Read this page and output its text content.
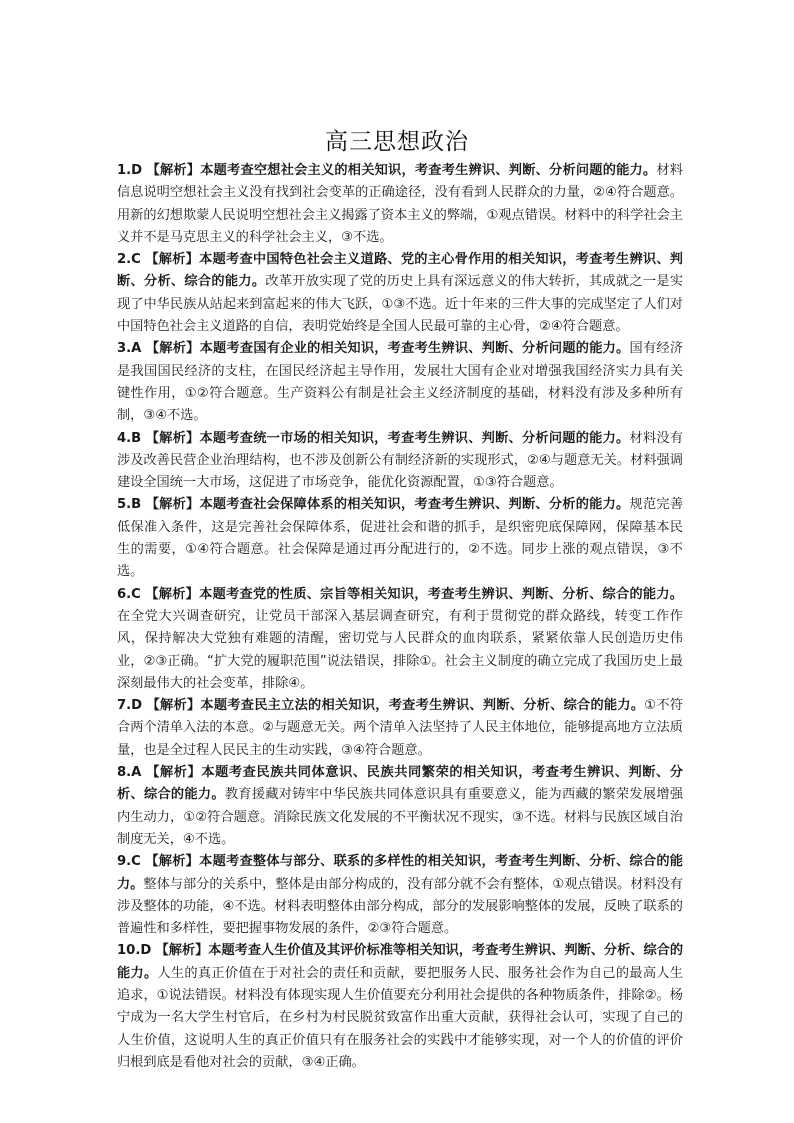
高三思想政治
1.D 【解析】本题考查空想社会主义的相关知识，考查考生辨识、判断、分析问题的能力。材料信息说明空想社会主义没有找到社会变革的正确途径，没有看到人民群众的力量，②④符合题意。用新的幻想欺蒙人民说明空想社会主义揭露了资本主义的弊端，①观点错误。材料中的科学社会主义并不是马克思主义的科学社会主义，③不选。
2.C 【解析】本题考查中国特色社会主义道路、党的主心骨作用的相关知识，考查考生辨识、判断、分析、综合的能力。改革开放实现了党的历史上具有深远意义的伟大转折，其成就之一是实现了中华民族从站起来到富起来的伟大飞跃，①③不选。近十年来的三件大事的完成坚定了人们对中国特色社会主义道路的自信，表明党始终是全国人民最可靠的主心骨，②④符合题意。
3.A 【解析】本题考查国有企业的相关知识，考查考生辨识、判断、分析问题的能力。国有经济是我国国民经济的支柱，在国民经济起主导作用，发展壮大国有企业对增强我国经济实力具有关键性作用，①②符合题意。生产资料公有制是社会主义经济制度的基础，材料没有涉及多种所有制，③④不选。
4.B 【解析】本题考查统一市场的相关知识，考查考生辨识、判断、分析问题的能力。材料没有涉及改善民营企业治理结构，也不涉及创新公有制经济新的实现形式，②④与题意无关。材料强调建设全国统一大市场，这促进了市场竞争，能优化资源配置，①③符合题意。
5.B 【解析】本题考查社会保障体系的相关知识，考查考生辨识、判断、分析的能力。规范完善低保准入条件，这是完善社会保障体系，促进社会和谐的抓手，是织密兜底保障网，保障基本民生的需要，①④符合题意。社会保障是通过再分配进行的，②不选。同步上涨的观点错误，③不选。
6.C 【解析】本题考查党的性质、宗旨等相关知识，考查考生辨识、判断、分析、综合的能力。在全党大兴调查研究，让党员干部深入基层调查研究，有利于贯彻党的群众路线，转变工作作风，保持解决大党独有难题的清醒，密切党与人民群众的血肉联系，紧紧依靠人民创造历史伟业，②③正确。“扩大党的履职范围”说法错误，排除①。社会主义制度的确立完成了我国历史上最深刻最伟大的社会变革，排除④。
7.D 【解析】本题考查民主立法的相关知识，考查考生辨识、判断、分析、综合的能力。①不符合两个清单入法的本意。②与题意无关。两个清单入法坚持了人民主体地位，能够提高地方立法质量，也是全过程人民民主的生动实践，③④符合题意。
8.A 【解析】本题考查民族共同体意识、民族共同繁荣的相关知识，考查考生辨识、判断、分析、综合的能力。教育援藏对铸牢中华民族共同体意识具有重要意义，能为西藏的繁荣发展增强内生动力，①②符合题意。消除民族文化发展的不平衡状况不现实，③不选。材料与民族区域自治制度无关，④不选。
9.C 【解析】本题考查整体与部分、联系的多样性的相关知识，考查考生判断、分析、综合的能力。整体与部分的关系中，整体是由部分构成的，没有部分就不会有整体，①观点错误。材料没有涉及整体的功能，④不选。材料表明整体由部分构成，部分的发展影响整体的发展，反映了联系的普遍性和多样性，要把握事物发展的条件，②③符合题意。
10.D 【解析】本题考查人生价值及其评价标准等相关知识，考查考生辨识、判断、分析、综合的能力。人生的真正价值在于对社会的责任和贡献，要把服务人民、服务社会作为自己的最高人生追求，①说法错误。材料没有体现实现人生价值要充分利用社会提供的各种物质条件，排除②。杨宁成为一名大学生村官后，在乡村为村民脱贫致富作出重大贡献，获得社会认可，实现了自己的人生价值，这说明人生的真正价值只有在服务社会的实践中才能够实现，对一个人的价值的评价归根到底是看他对社会的贡献，③④正确。
